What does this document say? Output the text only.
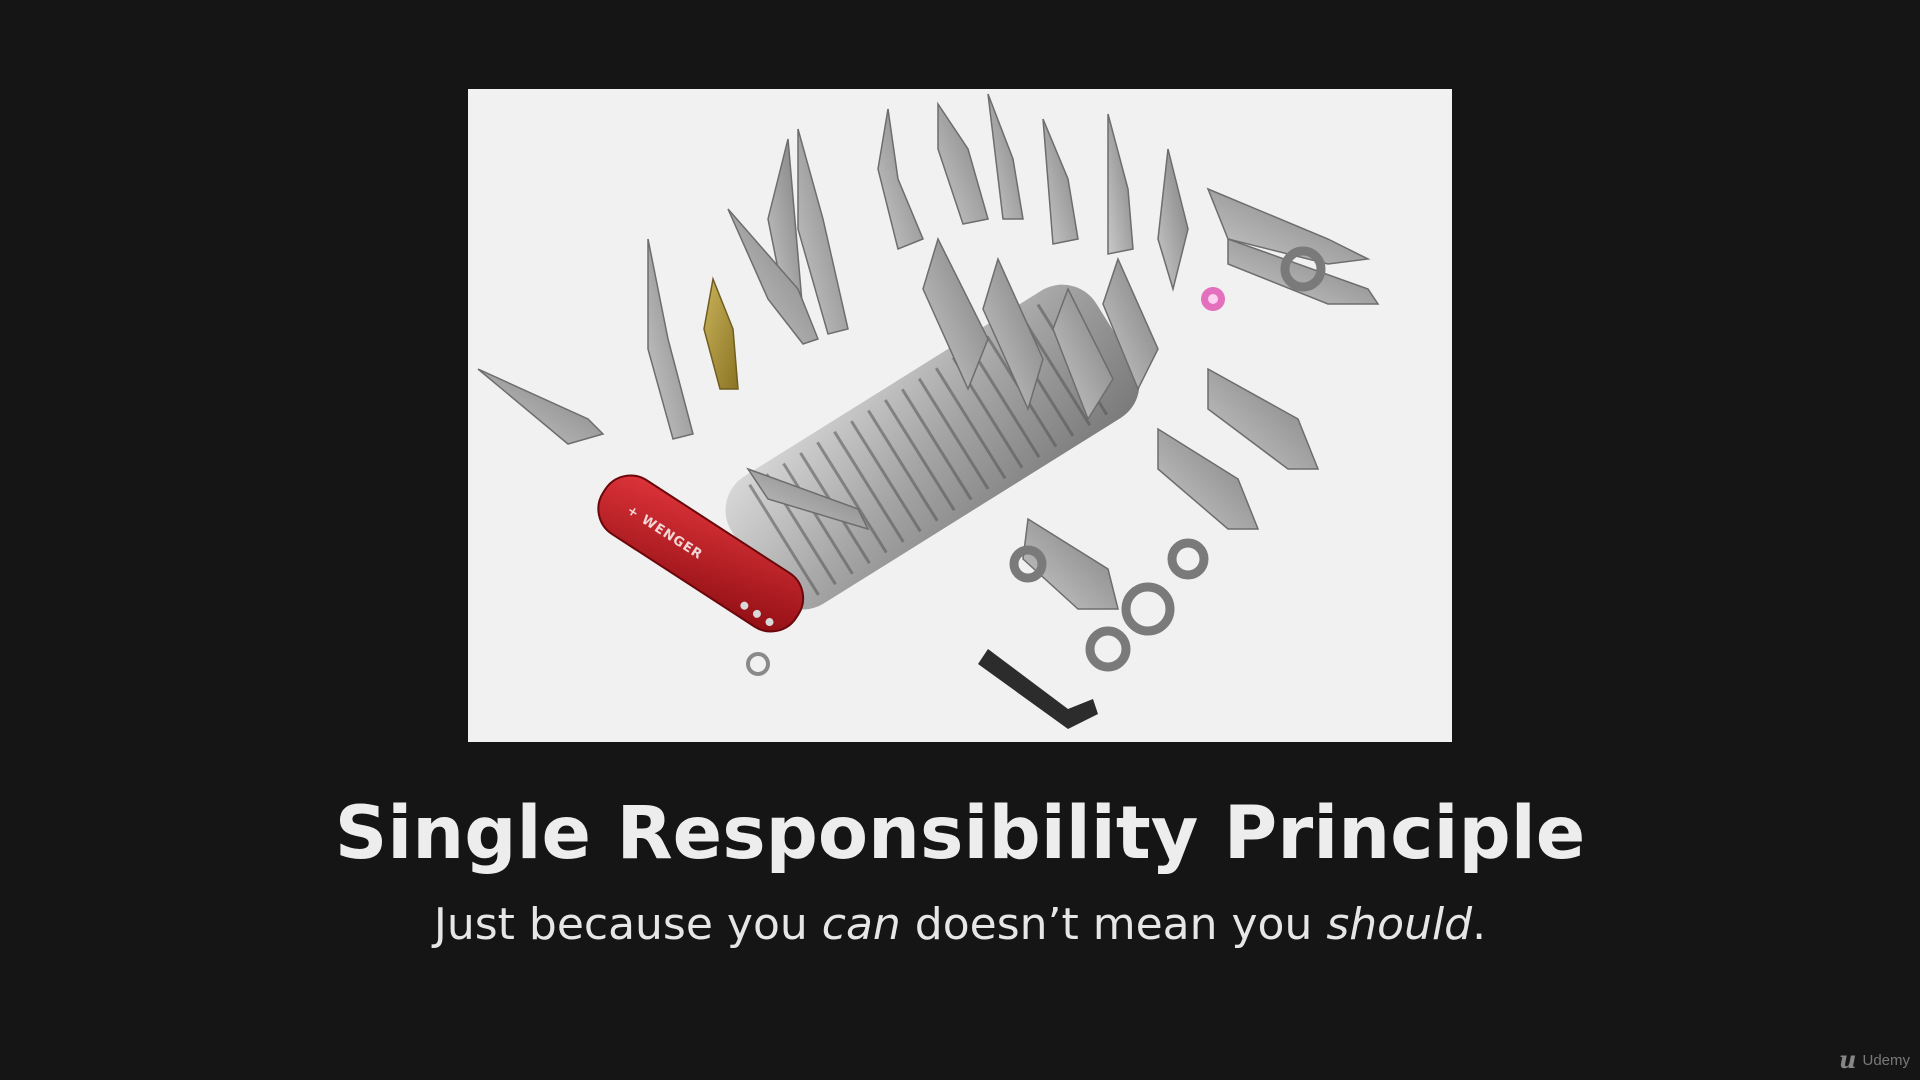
+ WENGER
Single Responsibility Principle
Just because you can doesn’t mean you should.
u Udemy
